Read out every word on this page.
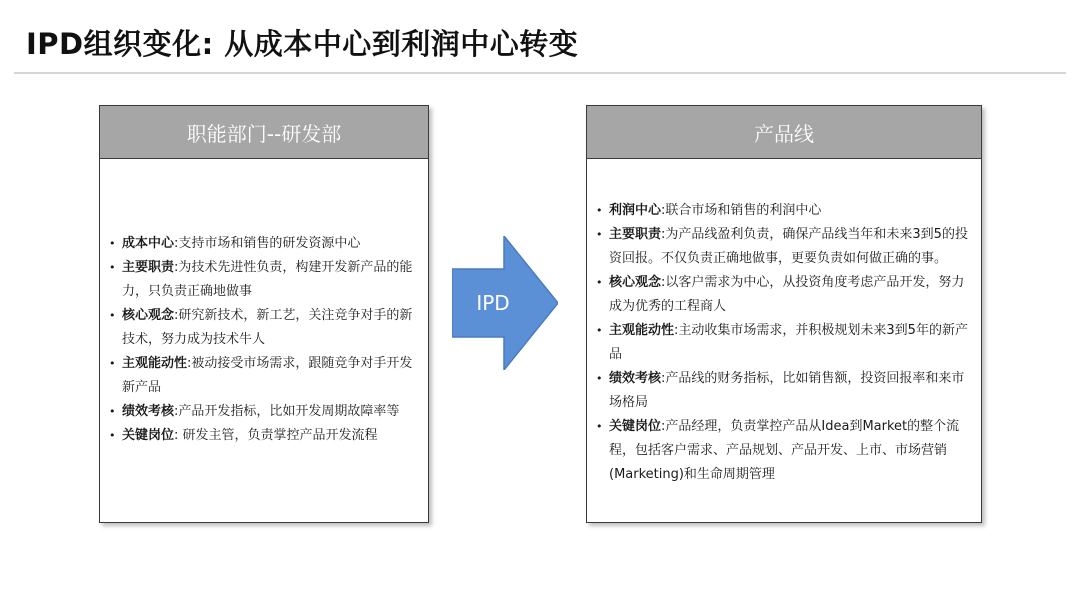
IPD组织变化: 从成本中心到利润中心转变
职能部门--研发部
• 成本中心:支持市场和销售的研发资源中心
• 主要职责:为技术先进性负责，构建开发新产品的能力，只负责正确地做事
• 核心观念:研究新技术，新工艺，关注竞争对手的新技术，努力成为技术牛人
• 主观能动性:被动接受市场需求，跟随竞争对手开发新产品
• 绩效考核:产品开发指标，比如开发周期故障率等
• 关键岗位: 研发主管，负责掌控产品开发流程
IPD
产品线
• 利润中心:联合市场和销售的利润中心
• 主要职责:为产品线盈利负责，确保产品线当年和未来3到5的投资回报。不仅负责正确地做事，更要负责如何做正确的事。
• 核心观念:以客户需求为中心，从投资角度考虑产品开发，努力成为优秀的工程商人
• 主观能动性:主动收集市场需求，并积极规划未来3到5年的新产品
• 绩效考核:产品线的财务指标，比如销售额，投资回报率和来市场格局
• 关键岗位:产品经理，负责掌控产品从Idea到Market的整个流程，包括客户需求、产品规划、产品开发、上市、市场营销(Marketing)和生命周期管理
